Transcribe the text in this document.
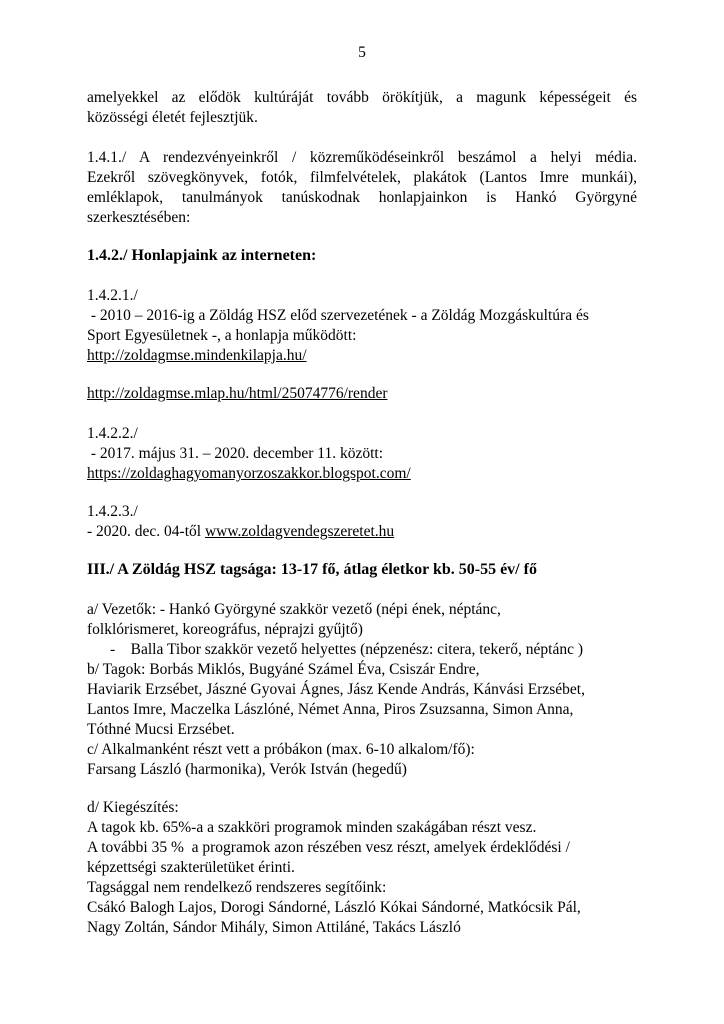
5
amelyekkel az elődök kultúráját tovább örökítjük, a magunk képességeit és
közösségi életét fejlesztjük.
1.4.1./ A rendezvényeinkről / közreműködéseinkről beszámol a helyi média.
Ezekről szövegkönyvek, fotók, filmfelvételek, plakátok (Lantos Imre munkái),
emléklapok, tanulmányok tanúskodnak honlapjainkon is Hankó Györgyné
szerkesztésében:
1.4.2./ Honlapjaink az interneten:
1.4.2.1./
- 2010 – 2016-ig a Zöldág HSZ előd szervezetének - a Zöldág Mozgáskultúra és
Sport Egyesületnek -, a honlapja működött:
http://zoldagmse.mindenkilapja.hu/
http://zoldagmse.mlap.hu/html/25074776/render
1.4.2.2./
- 2017. május 31. – 2020. december 11. között:
https://zoldaghagyomanyorzoszakkor.blogspot.com/
1.4.2.3./
- 2020. dec. 04-től www.zoldagvendegszeretet.hu
III./ A Zöldág HSZ tagsága: 13-17 fő, átlag életkor kb. 50-55 év/ fő
a/ Vezetők: - Hankó Györgyné szakkör vezető (népi ének, néptánc,
folklórismeret, koreográfus, néprajzi gyűjtő)
-    Balla Tibor szakkör vezető helyettes (népzenész: citera, tekerő, néptánc )
b/ Tagok: Borbás Miklós, Bugyáné Számel Éva, Csiszár Endre,
Haviarik Erzsébet, Jászné Gyovai Ágnes, Jász Kende András, Kánvási Erzsébet,
Lantos Imre, Maczelka Lászlóné, Német Anna, Piros Zsuzsanna, Simon Anna,
Tóthné Mucsi Erzsébet.
c/ Alkalmanként részt vett a próbákon (max. 6-10 alkalom/fő):
Farsang László (harmonika), Verók István (hegedű)
d/ Kiegészítés:
A tagok kb. 65%-a a szakköri programok minden szakágában részt vesz.
A további 35 %  a programok azon részében vesz részt, amelyek érdeklődési /
képzettségi szakterületüket érinti.
Tagsággal nem rendelkező rendszeres segítőink:
Csákó Balogh Lajos, Dorogi Sándorné, László Kókai Sándorné, Matkócsik Pál,
Nagy Zoltán, Sándor Mihály, Simon Attiláné, Takács László
